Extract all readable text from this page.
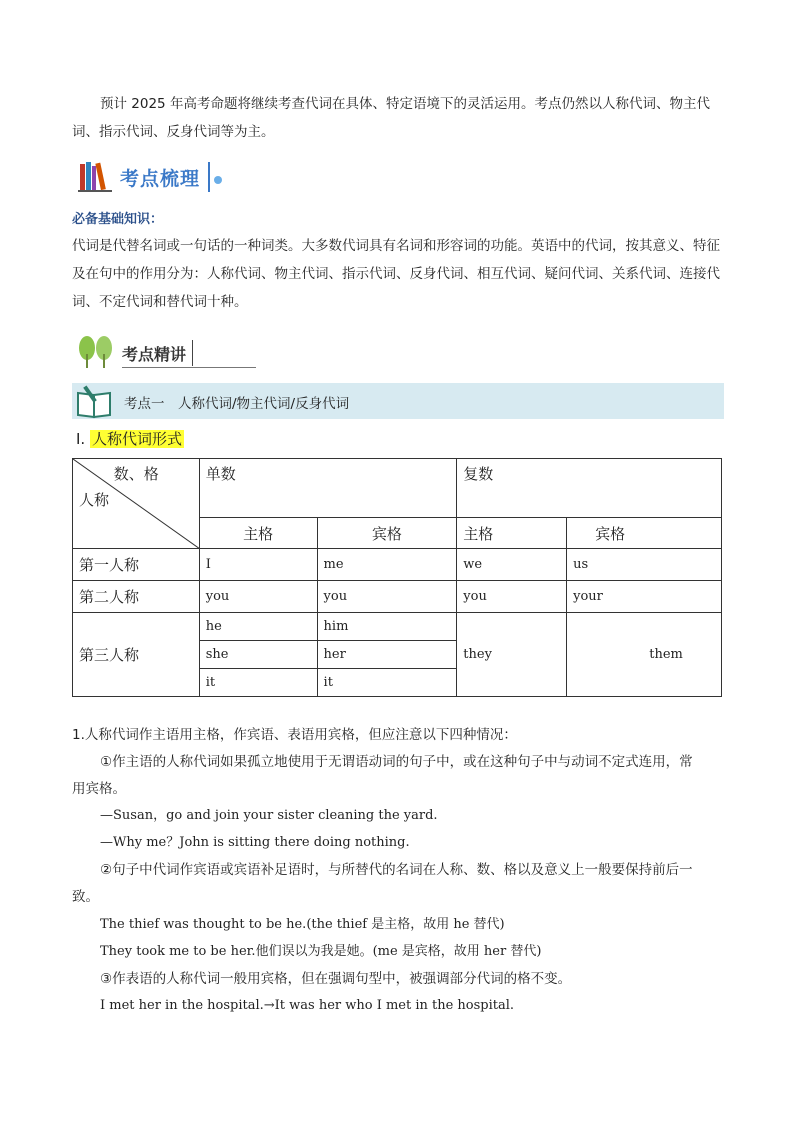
预计 2025 年高考命题将继续考查代词在具体、特定语境下的灵活运用。考点仍然以人称代词、物主代词、指示代词、反身代词等为主。
考点梳理
必备基础知识：
代词是代替名词或一句话的一种词类。大多数代词具有名词和形容词的功能。英语中的代词，按其意义、特征及在句中的作用分为：人称代词、物主代词、指示代词、反身代词、相互代词、疑问代词、关系代词、连接代词、不定代词和替代词十种。
考点精讲
考点一　人称代词/物主代词/反身代词
Ⅰ. 人称代词形式
数、格
人称	单数		复数	
	主格	宾格	主格	宾格
第一人称	I	me	we	us
第二人称	you	you	you	your
第三人称	he	him	they	them
	she	her		
	it	it		
1.人称代词作主语用主格，作宾语、表语用宾格，但应注意以下四种情况：
①作主语的人称代词如果孤立地使用于无谓语动词的句子中，或在这种句子中与动词不定式连用，常
用宾格。
—Susan，go and join your sister cleaning the yard.
—Why me？John is sitting there doing nothing.
②句子中代词作宾语或宾语补足语时，与所替代的名词在人称、数、格以及意义上一般要保持前后一
致。
The thief was thought to be he.(the thief 是主格，故用 he 替代)
They took me to be her.他们误以为我是她。(me 是宾格，故用 her 替代)
③作表语的人称代词一般用宾格，但在强调句型中，被强调部分代词的格不变。
I met her in the hospital.→It was her who I met in the hospital.
